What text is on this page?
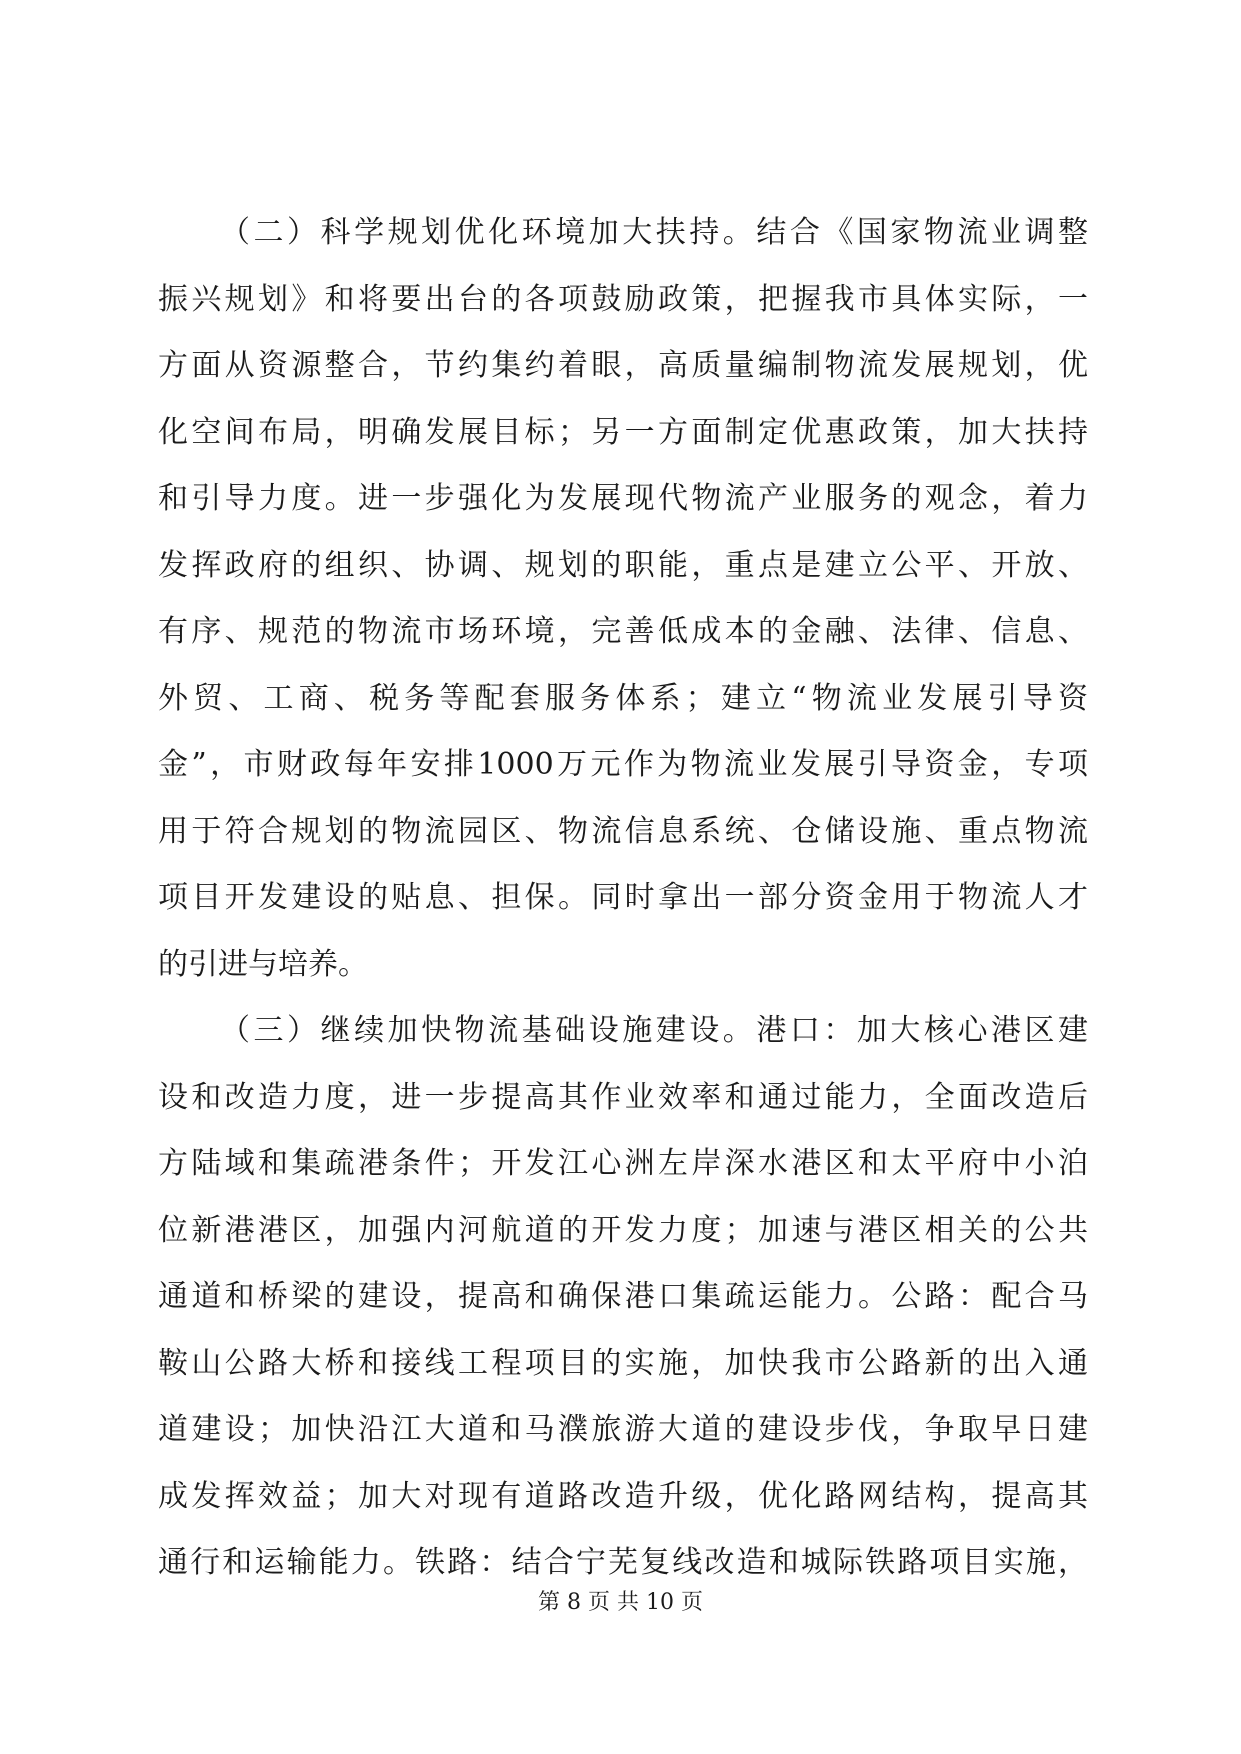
（二）科学规划优化环境加大扶持。结合《国家物流业调整
振兴规划》和将要出台的各项鼓励政策，把握我市具体实际，一
方面从资源整合，节约集约着眼，高质量编制物流发展规划，优
化空间布局，明确发展目标；另一方面制定优惠政策，加大扶持
和引导力度。进一步强化为发展现代物流产业服务的观念，着力
发挥政府的组织、协调、规划的职能，重点是建立公平、开放、
有序、规范的物流市场环境，完善低成本的金融、法律、信息、
外贸、工商、税务等配套服务体系；建立“物流业发展引导资
金”，市财政每年安排1000万元作为物流业发展引导资金，专项
用于符合规划的物流园区、物流信息系统、仓储设施、重点物流
项目开发建设的贴息、担保。同时拿出一部分资金用于物流人才
的引进与培养。
（三）继续加快物流基础设施建设。港口：加大核心港区建
设和改造力度，进一步提高其作业效率和通过能力，全面改造后
方陆域和集疏港条件；开发江心洲左岸深水港区和太平府中小泊
位新港港区，加强内河航道的开发力度；加速与港区相关的公共
通道和桥梁的建设，提高和确保港口集疏运能力。公路：配合马
鞍山公路大桥和接线工程项目的实施，加快我市公路新的出入通
道建设；加快沿江大道和马濮旅游大道的建设步伐，争取早日建
成发挥效益；加大对现有道路改造升级，优化路网结构，提高其
通行和运输能力。铁路：结合宁芜复线改造和城际铁路项目实施，
第 8 页 共 10 页
